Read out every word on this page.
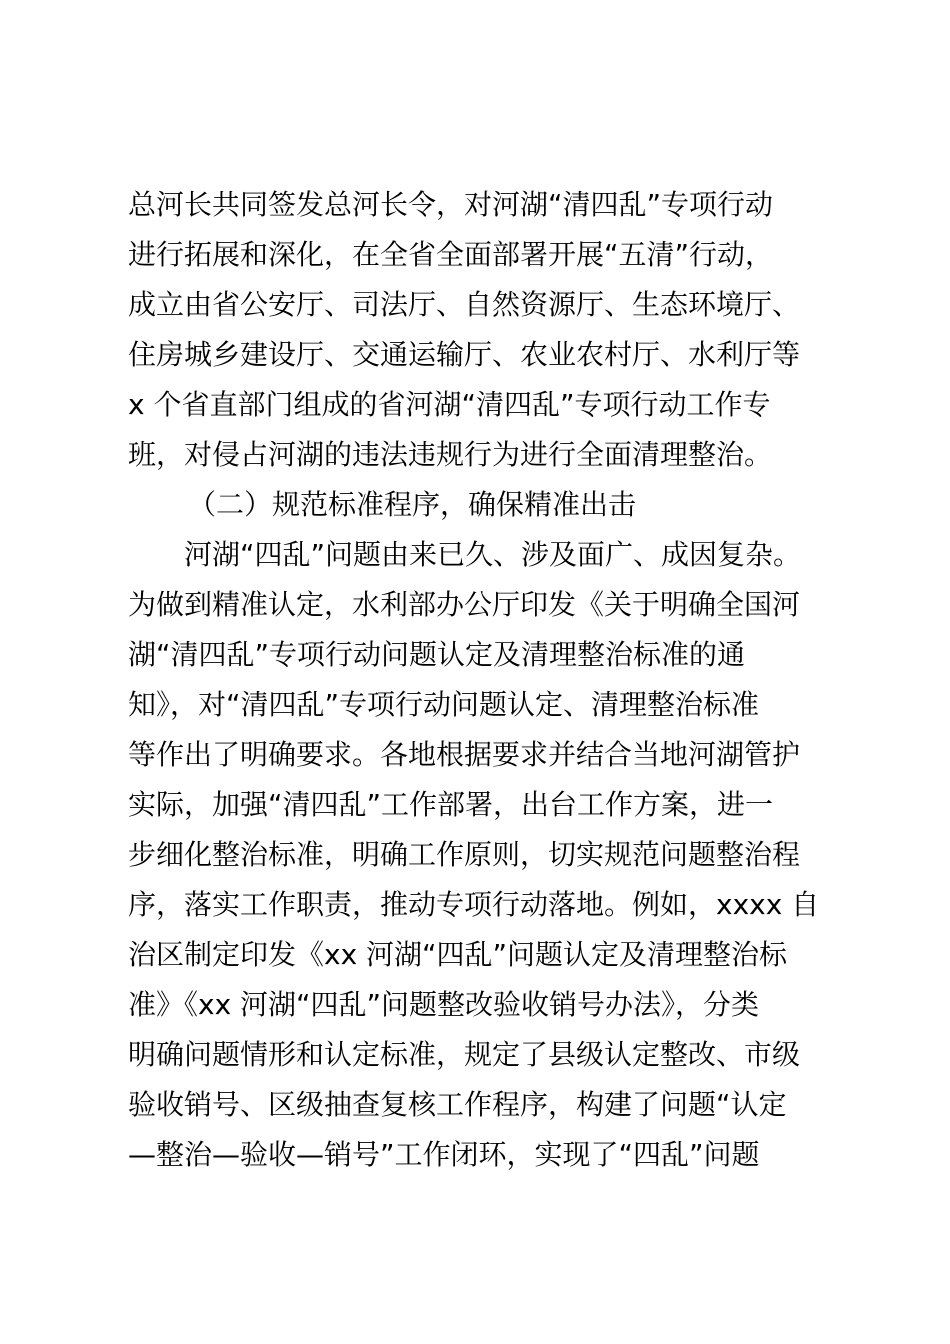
总河长共同签发总河长令，对河湖“清四乱”专项行动
进行拓展和深化，在全省全面部署开展“五清”行动，
成立由省公安厅、司法厅、自然资源厅、生态环境厅、
住房城乡建设厅、交通运输厅、农业农村厅、水利厅等
x 个省直部门组成的省河湖“清四乱”专项行动工作专
班，对侵占河湖的违法违规行为进行全面清理整治。
（二）规范标准程序，确保精准出击
河湖“四乱”问题由来已久、涉及面广、成因复杂。
为做到精准认定，水利部办公厅印发《关于明确全国河
湖“清四乱”专项行动问题认定及清理整治标准的通
知》，对“清四乱”专项行动问题认定、清理整治标准
等作出了明确要求。各地根据要求并结合当地河湖管护
实际，加强“清四乱”工作部署，出台工作方案，进一
步细化整治标准，明确工作原则，切实规范问题整治程
序，落实工作职责，推动专项行动落地。例如，xxxx 自
治区制定印发《xx 河湖“四乱”问题认定及清理整治标
准》《xx 河湖“四乱”问题整改验收销号办法》，分类
明确问题情形和认定标准，规定了县级认定整改、市级
验收销号、区级抽查复核工作程序，构建了问题“认定
—整治—验收—销号”工作闭环，实现了“四乱”问题
